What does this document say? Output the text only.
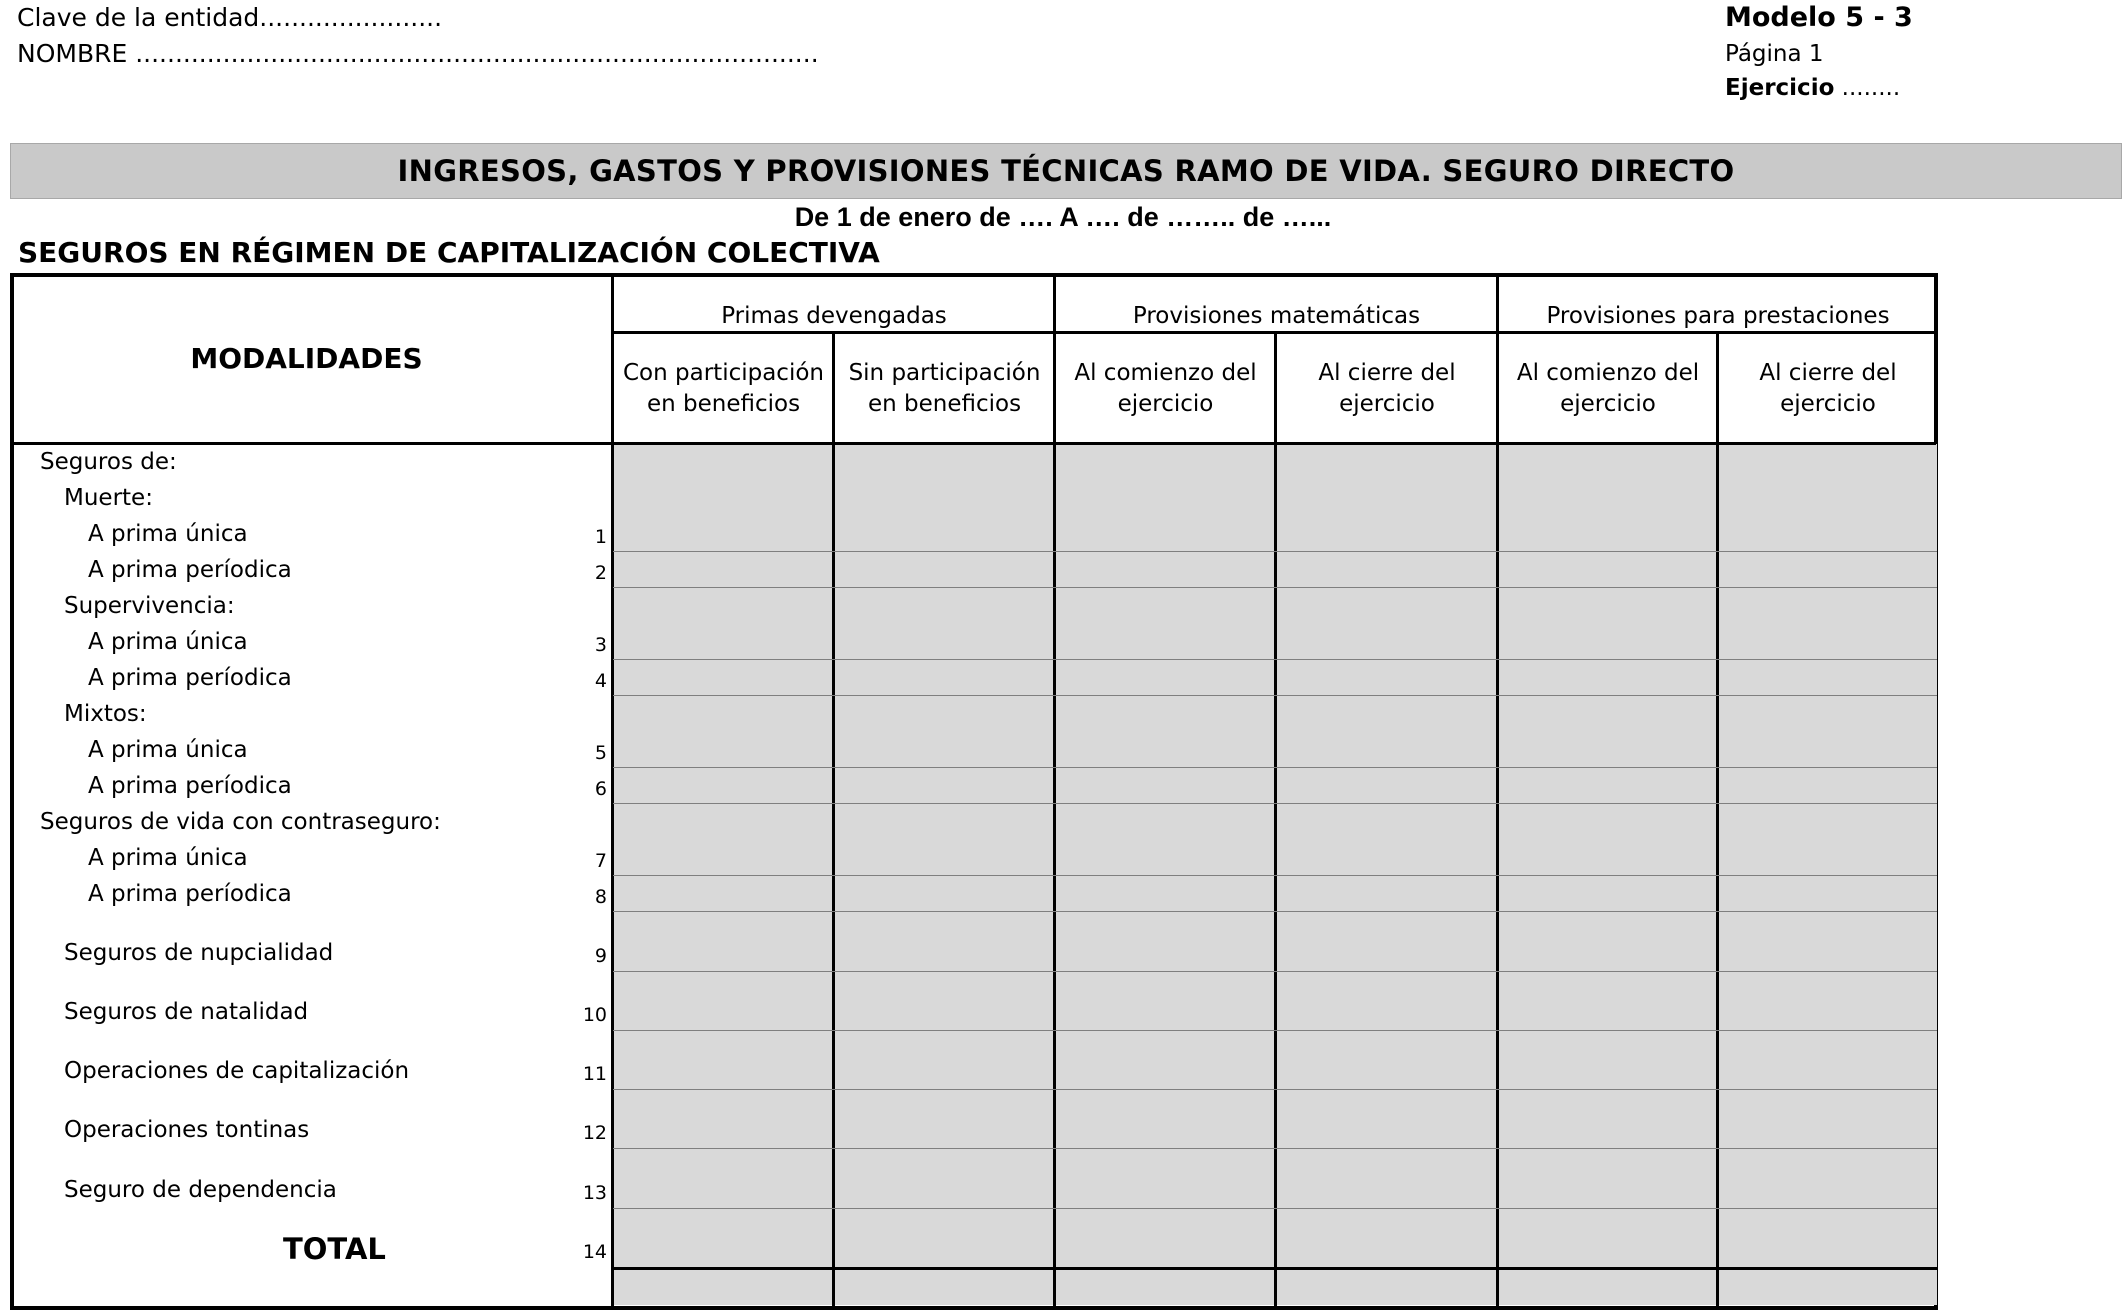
Clave de la entidad.......................
NOMBRE ......................................................................................
Modelo 5 - 3
Página 1
Ejercicio ........
INGRESOS, GASTOS Y PROVISIONES TÉCNICAS RAMO DE VIDA. SEGURO DIRECTO
De 1 de enero de …. A …. de …….. de …...
SEGUROS EN RÉGIMEN DE CAPITALIZACIÓN COLECTIVA
MODALIDADES
Primas devengadas	Provisiones matemáticas	Provisiones para prestaciones
Con participación
en beneficios
Sin participación
en beneficios
Al comienzo del
ejercicio
Al cierre del
ejercicio
Al comienzo del
ejercicio
Al cierre del
ejercicio
Seguros de:
Muerte:
A prima única
A prima períodica
Supervivencia:
A prima única
A prima períodica
Mixtos:
A prima única
A prima períodica
Seguros de vida con contraseguro:
A prima única
A prima períodica
Seguros de nupcialidad
Seguros de natalidad
Operaciones de capitalización
Operaciones tontinas
Seguro de dependencia
TOTAL
1
2
3
4
5
6
7
8
9
10
11
12
13
14
